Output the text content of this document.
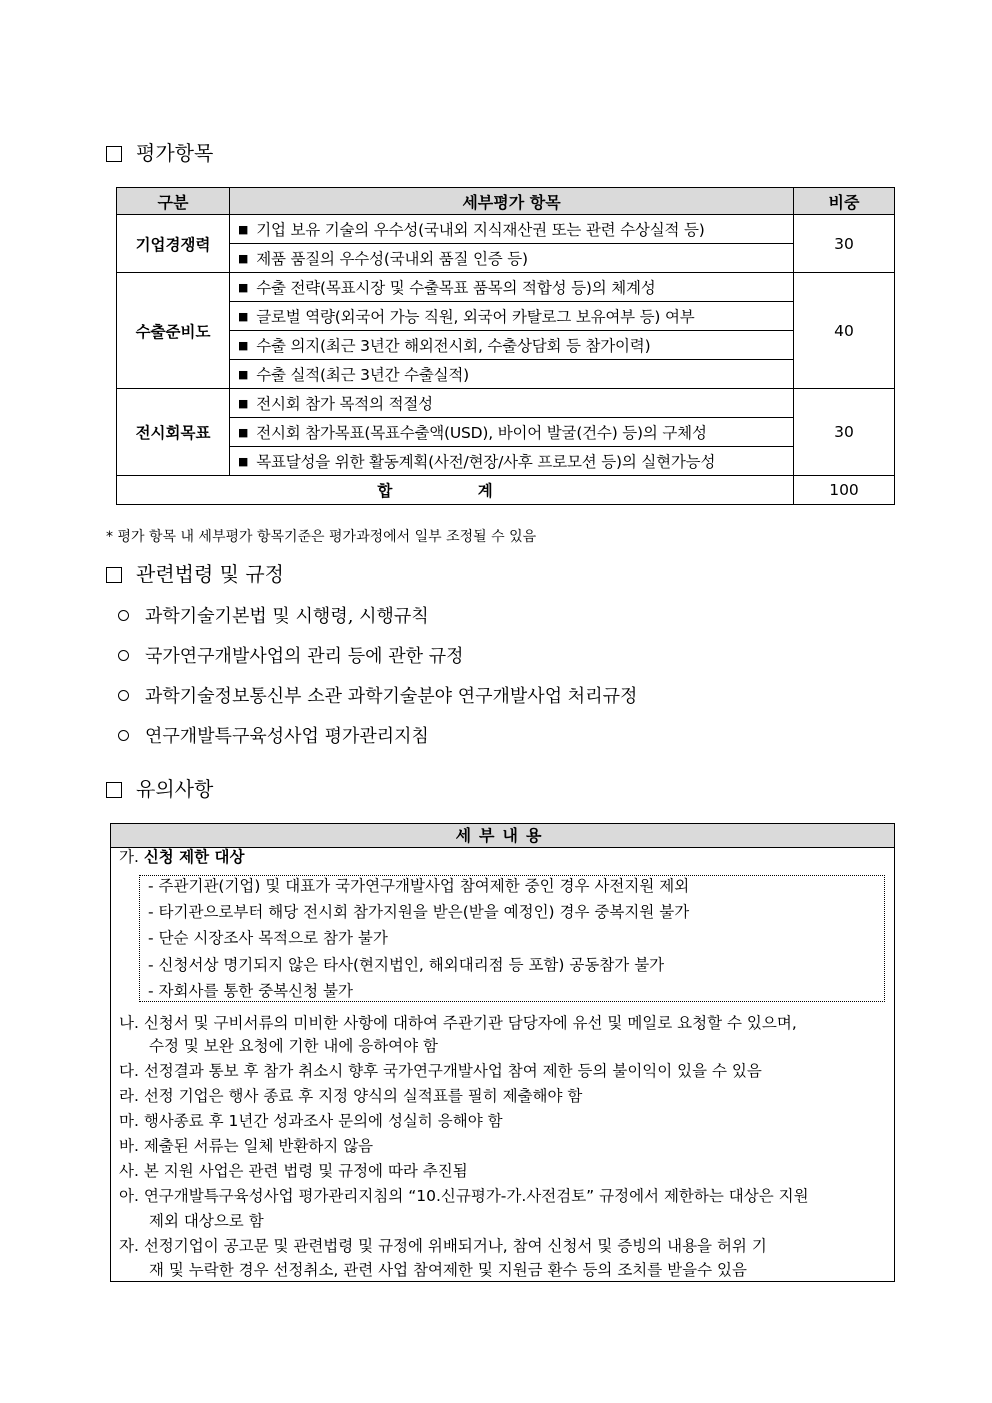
평가항목
구분	세부평가 항목	비중
기업경쟁력	■ 기업 보유 기술의 우수성(국내외 지식재산권 또는 관련 수상실적 등)	30
	■ 제품 품질의 우수성(국내외 품질 인증 등)	
수출준비도	■ 수출 전략(목표시장 및 수출목표 품목의 적합성 등)의 체계성	40
	■ 글로벌 역량(외국어 가능 직원, 외국어 카탈로그 보유여부 등) 여부	
	■ 수출 의지(최근 3년간 해외전시회, 수출상담회 등 참가이력)	
	■ 수출 실적(최근 3년간 수출실적)	
전시회목표	■ 전시회 참가 목적의 적절성	30
	■ 전시회 참가목표(목표수출액(USD), 바이어 발굴(건수) 등)의 구체성	
	■ 목표달성을 위한 활동계획(사전/현장/사후 프로모션 등)의 실현가능성	
합 계		100
* 평가 항목 내 세부평가 항목기준은 평가과정에서 일부 조정될 수 있음
관련법령 및 규정
과학기술기본법 및 시행령, 시행규칙
국가연구개발사업의 관리 등에 관한 규정
과학기술정보통신부 소관 과학기술분야 연구개발사업 처리규정
연구개발특구육성사업 평가관리지침
유의사항
세부내용
가. 신청 제한 대상
- 주관기관(기업) 및 대표가 국가연구개발사업 참여제한 중인 경우 사전지원 제외
- 타기관으로부터 해당 전시회 참가지원을 받은(받을 예정인) 경우 중복지원 불가
- 단순 시장조사 목적으로 참가 불가
- 신청서상 명기되지 않은 타사(현지법인, 해외대리점 등 포함) 공동참가 불가
- 자회사를 통한 중복신청 불가
나. 신청서 및 구비서류의 미비한 사항에 대하여 주관기관 담당자에 유선 및 메일로 요청할 수 있으며,
수정 및 보완 요청에 기한 내에 응하여야 함
다. 선정결과 통보 후 참가 취소시 향후 국가연구개발사업 참여 제한 등의 불이익이 있을 수 있음
라. 선정 기업은 행사 종료 후 지정 양식의 실적표를 필히 제출해야 함
마. 행사종료 후 1년간 성과조사 문의에 성실히 응해야 함
바. 제출된 서류는 일체 반환하지 않음
사. 본 지원 사업은 관련 법령 및 규정에 따라 추진됨
아. 연구개발특구육성사업 평가관리지침의 “10.신규평가-가.사전검토” 규정에서 제한하는 대상은 지원
제외 대상으로 함
자. 선정기업이 공고문 및 관련법령 및 규정에 위배되거나, 참여 신청서 및 증빙의 내용을 허위 기
재 및 누락한 경우 선정취소, 관련 사업 참여제한 및 지원금 환수 등의 조치를 받을수 있음
